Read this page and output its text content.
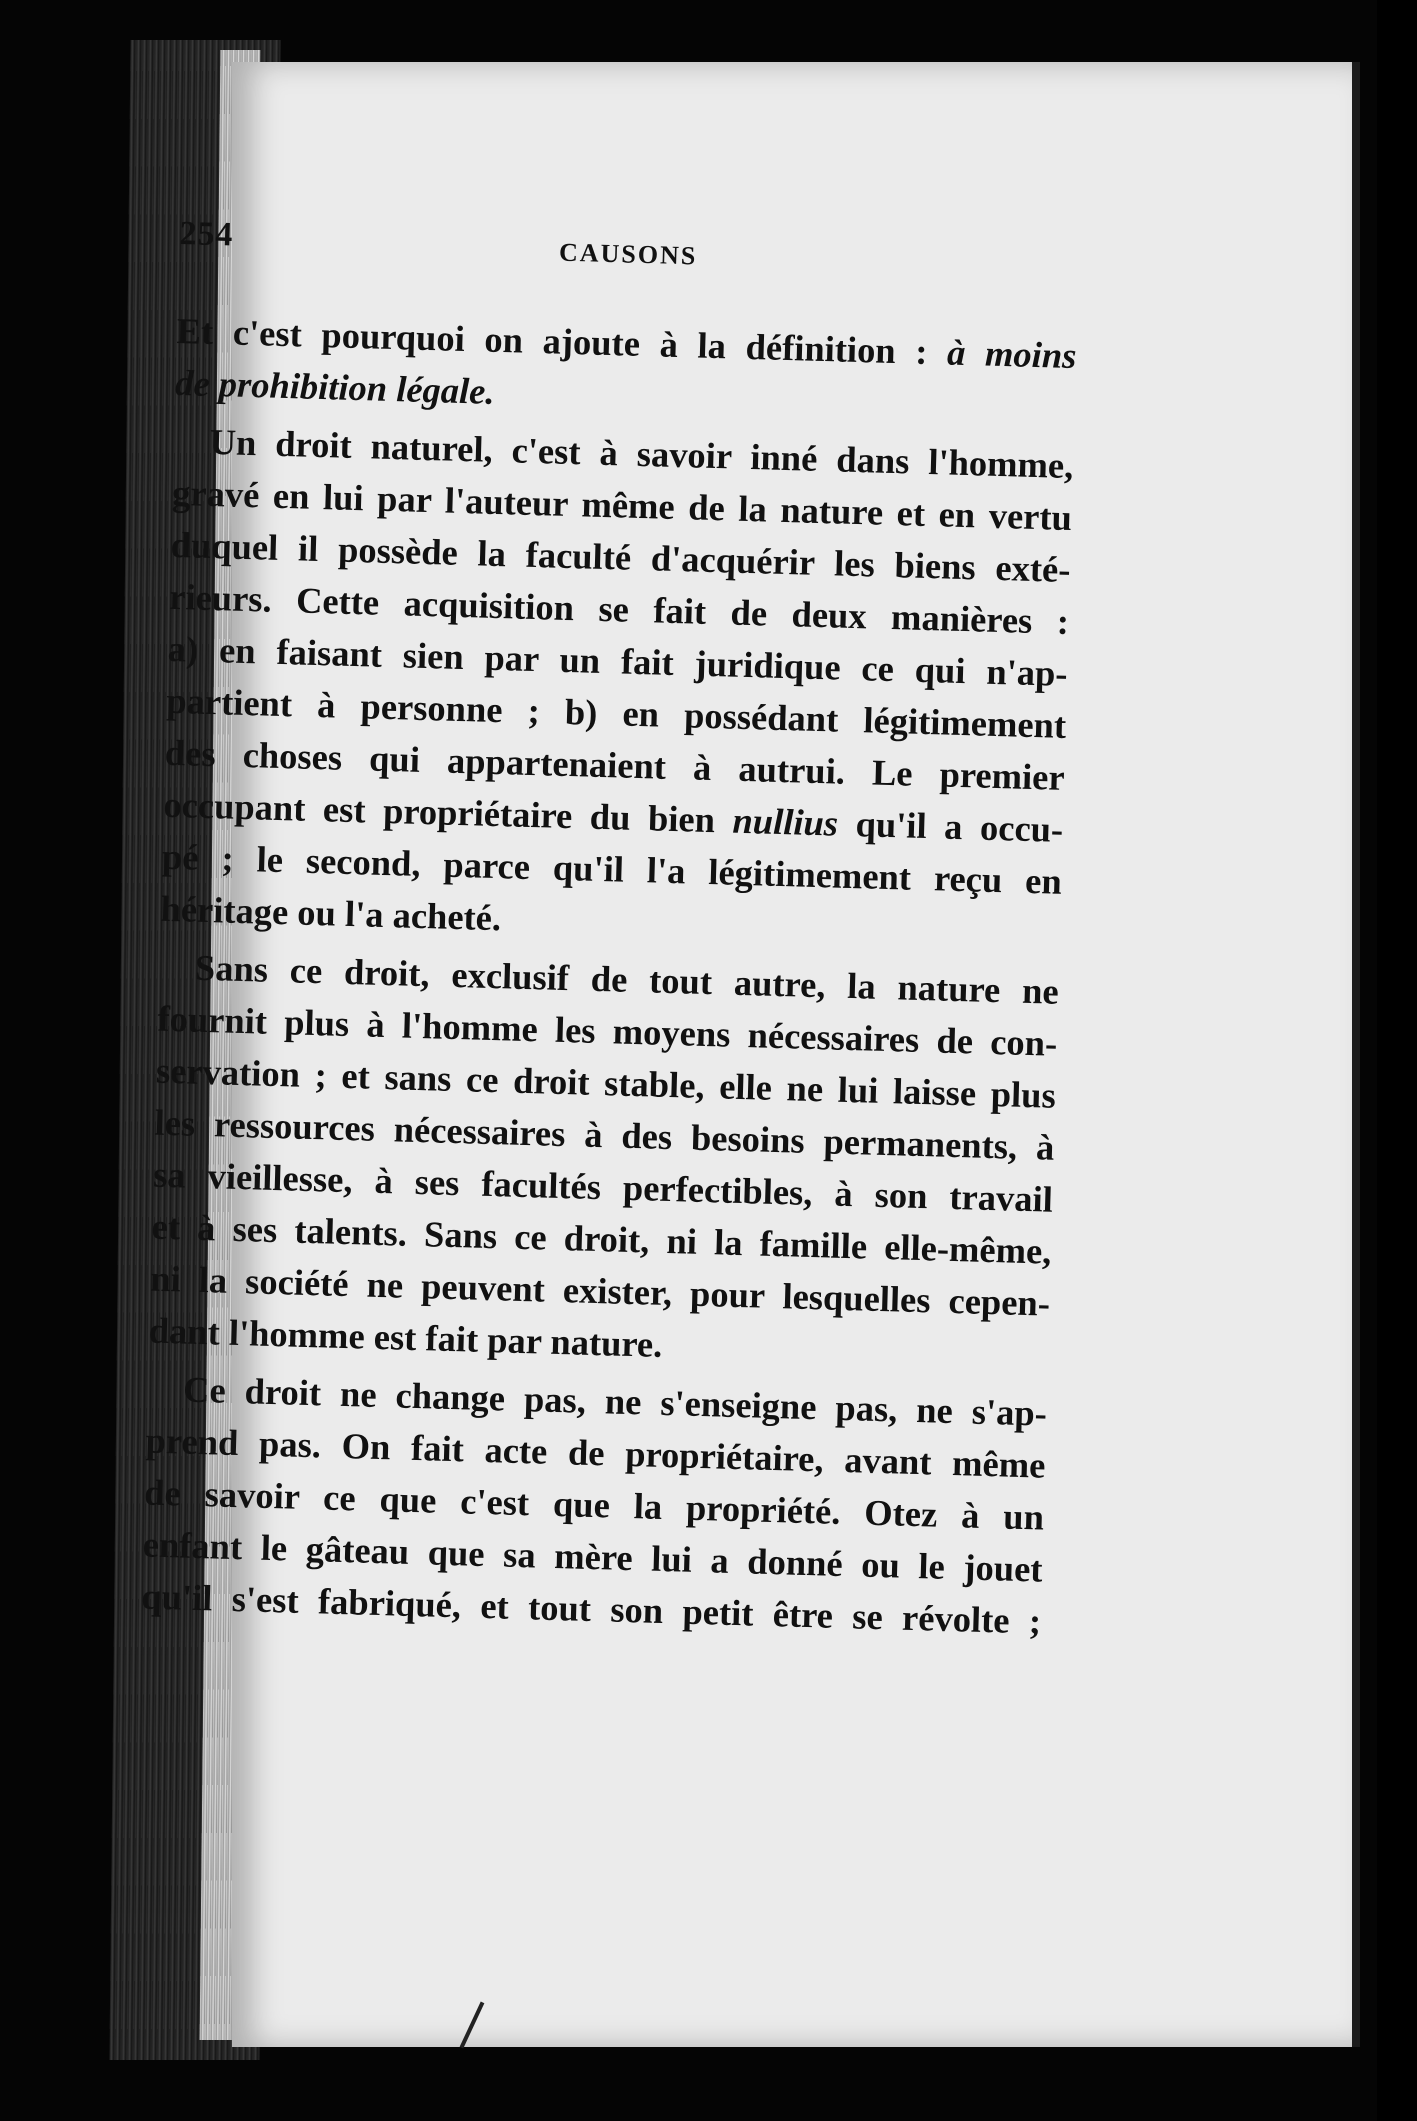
254
CAUSONS
Et c'est pourquoi on ajoute à la définition : à moins
de prohibition légale.
Un droit naturel, c'est à savoir inné dans l'homme,
gravé en lui par l'auteur même de la nature et en vertu
duquel il possède la faculté d'acquérir les biens exté-
rieurs. Cette acquisition se fait de deux manières :
a) en faisant sien par un fait juridique ce qui n'ap-
partient à personne ; b) en possédant légitimement
des choses qui appartenaient à autrui. Le premier
occupant est propriétaire du bien nullius qu'il a occu-
pé ; le second, parce qu'il l'a légitimement reçu en
héritage ou l'a acheté.
Sans ce droit, exclusif de tout autre, la nature ne
fournit plus à l'homme les moyens nécessaires de con-
servation ; et sans ce droit stable, elle ne lui laisse plus
les ressources nécessaires à des besoins permanents, à
sa vieillesse, à ses facultés perfectibles, à son travail
et à ses talents. Sans ce droit, ni la famille elle-même,
ni la société ne peuvent exister, pour lesquelles cepen-
dant l'homme est fait par nature.
Ce droit ne change pas, ne s'enseigne pas, ne s'ap-
prend pas. On fait acte de propriétaire, avant même
de savoir ce que c'est que la propriété. Otez à un
enfant le gâteau que sa mère lui a donné ou le jouet
qu'il s'est fabriqué, et tout son petit être se révolte ;
